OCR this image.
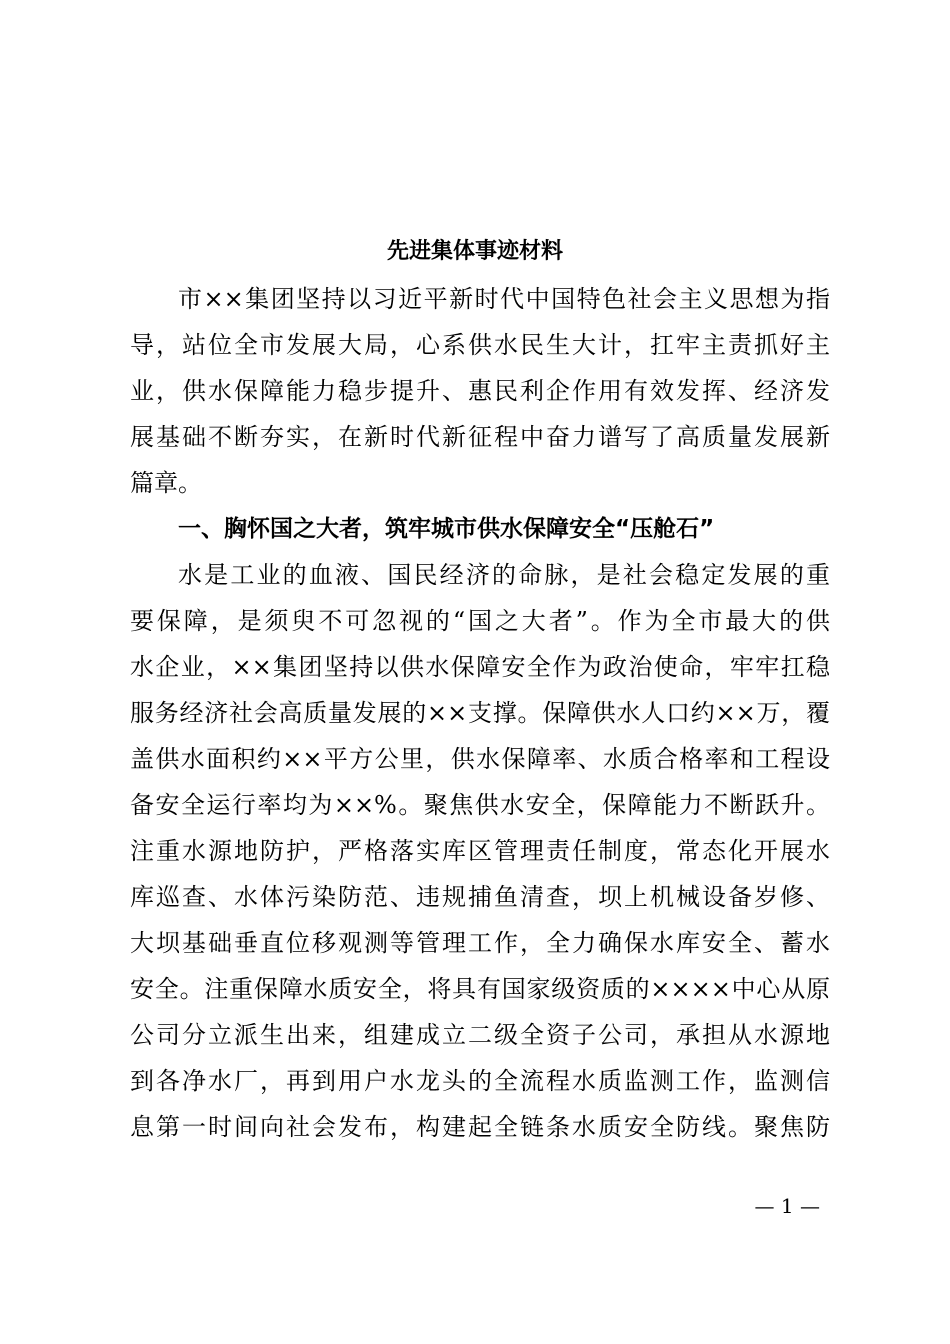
先进集体事迹材料
市××集团坚持以习近平新时代中国特色社会主义思想为指
导，站位全市发展大局，心系供水民生大计，扛牢主责抓好主
业，供水保障能力稳步提升、惠民利企作用有效发挥、经济发
展基础不断夯实，在新时代新征程中奋力谱写了高质量发展新
篇章。
一、胸怀国之大者，筑牢城市供水保障安全“压舱石”
水是工业的血液、国民经济的命脉，是社会稳定发展的重
要保障，是须臾不可忽视的“国之大者”。作为全市最大的供
水企业，××集团坚持以供水保障安全作为政治使命，牢牢扛稳
服务经济社会高质量发展的××支撑。保障供水人口约××万，覆
盖供水面积约××平方公里，供水保障率、水质合格率和工程设
备安全运行率均为××%。聚焦供水安全，保障能力不断跃升。
注重水源地防护，严格落实库区管理责任制度，常态化开展水
库巡查、水体污染防范、违规捕鱼清查，坝上机械设备岁修、
大坝基础垂直位移观测等管理工作，全力确保水库安全、蓄水
安全。注重保障水质安全，将具有国家级资质的××××中心从原
公司分立派生出来，组建成立二级全资子公司，承担从水源地
到各净水厂，再到用户水龙头的全流程水质监测工作，监测信
息第一时间向社会发布，构建起全链条水质安全防线。聚焦防
— 1 —
